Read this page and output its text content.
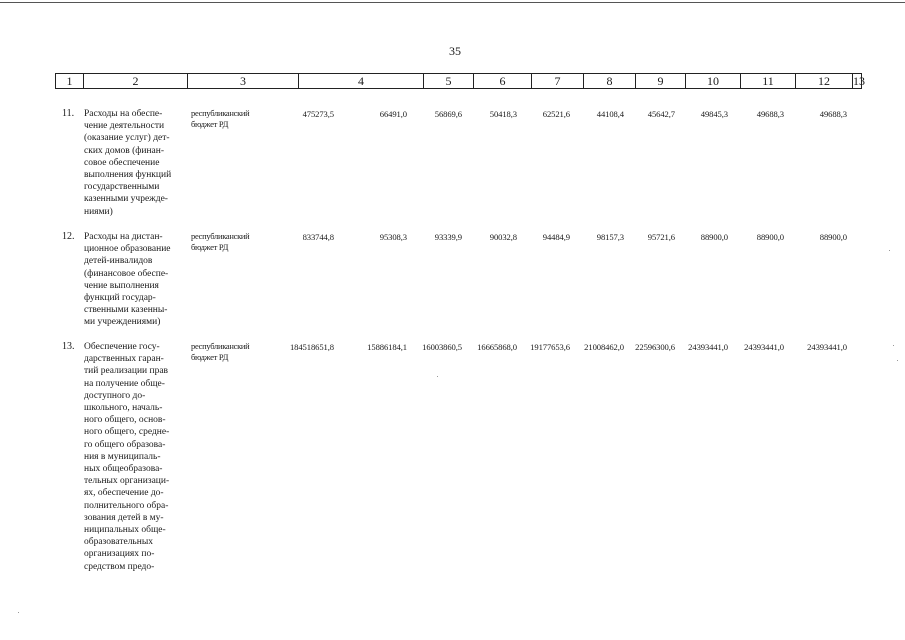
35
1	2	3	4	5	6	7	8	9	10	11	12	13
11. Расходы на обеспе-
чение деятельности
(оказание услуг) дет-
ских домов (финан-
совое обеспечение
выполнения функций
государственными
казенными учрежде-
ниями)
республиканский
бюджет РД
475273,5	66491,0	56869,6	50418,3	62521,6	44108,4	45642,7	49845,3	49688,3	49688,3
12. Расходы на дистан-
ционное образование
детей-инвалидов
(финансовое обеспе-
чение выполнения
функций государ-
ственными казенны-
ми учреждениями)
республиканский
бюджет РД
833744,8	95308,3	93339,9	90032,8	94484,9	98157,3	95721,6	88900,0	88900,0	88900,0
13. Обеспечение госу-
дарственных гаран-
тий реализации прав
на получение обще-
доступного до-
школьного, началь-
ного общего, основ-
ного общего, средне-
го общего образова-
ния в муниципаль-
ных общеобразова-
тельных организаци-
ях, обеспечение до-
полнительного обра-
зования детей в му-
ниципальных обще-
образовательных
организациях по-
средством предо-
республиканский
бюджет РД
184518651,8	15886184,1 16003860,5 16665868,0 19177653,6 21008462,0 22596300,6 24393441,0 24393441,0	24393441,0
